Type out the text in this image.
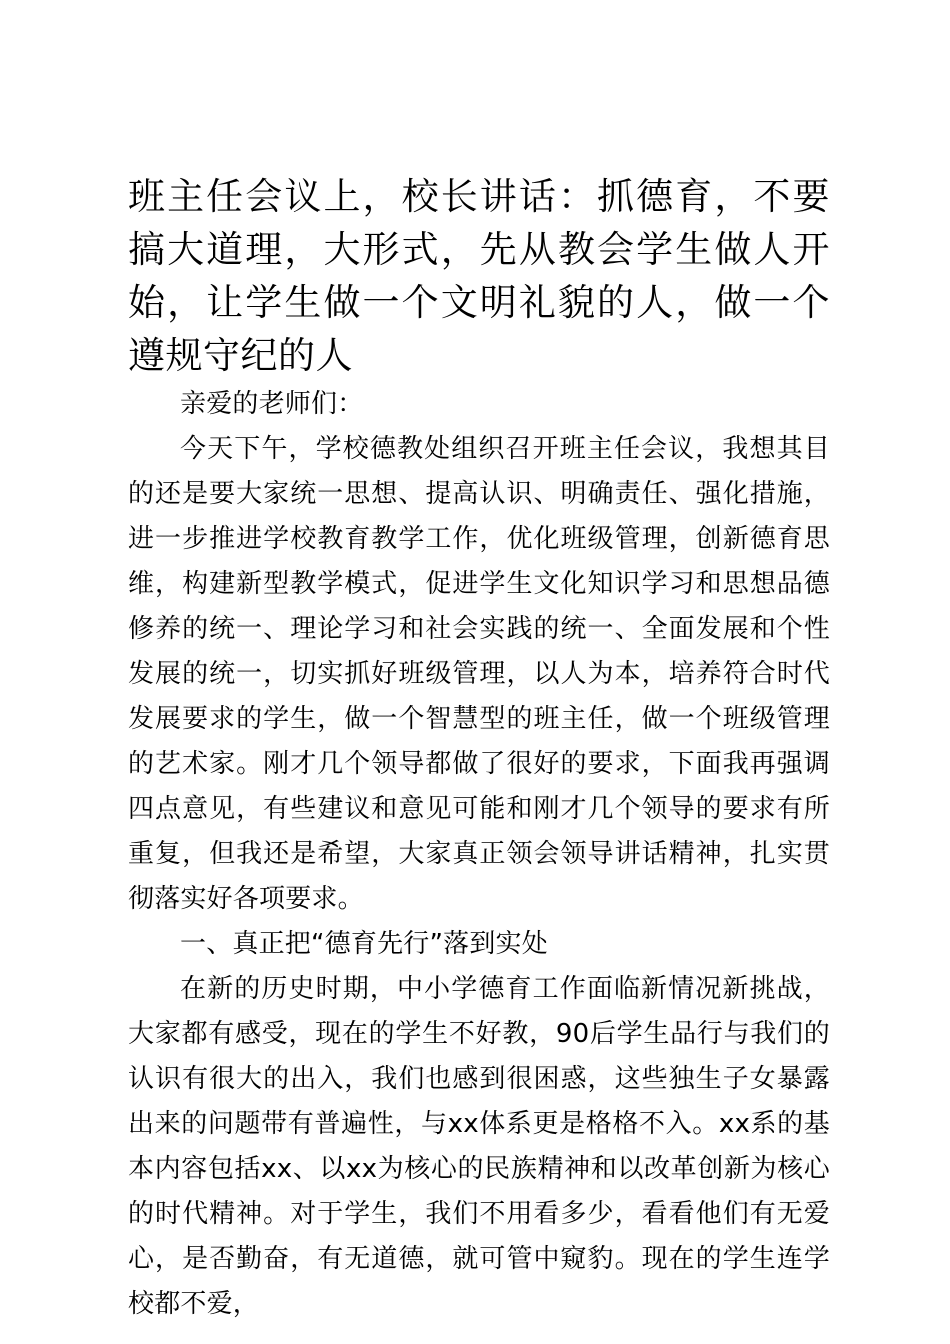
班主任会议上，校长讲话：抓德育，不要搞大道理，大形式，先从教会学生做人开始，让学生做一个文明礼貌的人，做一个遵规守纪的人

亲爱的老师们：

今天下午，学校德教处组织召开班主任会议，我想其目的还是要大家统一思想、提高认识、明确责任、强化措施，进一步推进学校教育教学工作，优化班级管理，创新德育思维，构建新型教学模式，促进学生文化知识学习和思想品德修养的统一、理论学习和社会实践的统一、全面发展和个性发展的统一，切实抓好班级管理，以人为本，培养符合时代发展要求的学生，做一个智慧型的班主任，做一个班级管理的艺术家。刚才几个领导都做了很好的要求，下面我再强调四点意见，有些建议和意见可能和刚才几个领导的要求有所重复，但我还是希望，大家真正领会领导讲话精神，扎实贯彻落实好各项要求。

一、真正把“德育先行”落到实处

在新的历史时期，中小学德育工作面临新情况新挑战，大家都有感受，现在的学生不好教，90后学生品行与我们的认识有很大的出入，我们也感到很困惑，这些独生子女暴露出来的问题带有普遍性，与xx体系更是格格不入。xx系的基本内容包括xx、以xx为核心的民族精神和以改革创新为核心的时代精神。对于学生，我们不用看多少，看看他们有无爱心，是否勤奋，有无道德，就可管中窥豹。现在的学生连学校都不爱，
